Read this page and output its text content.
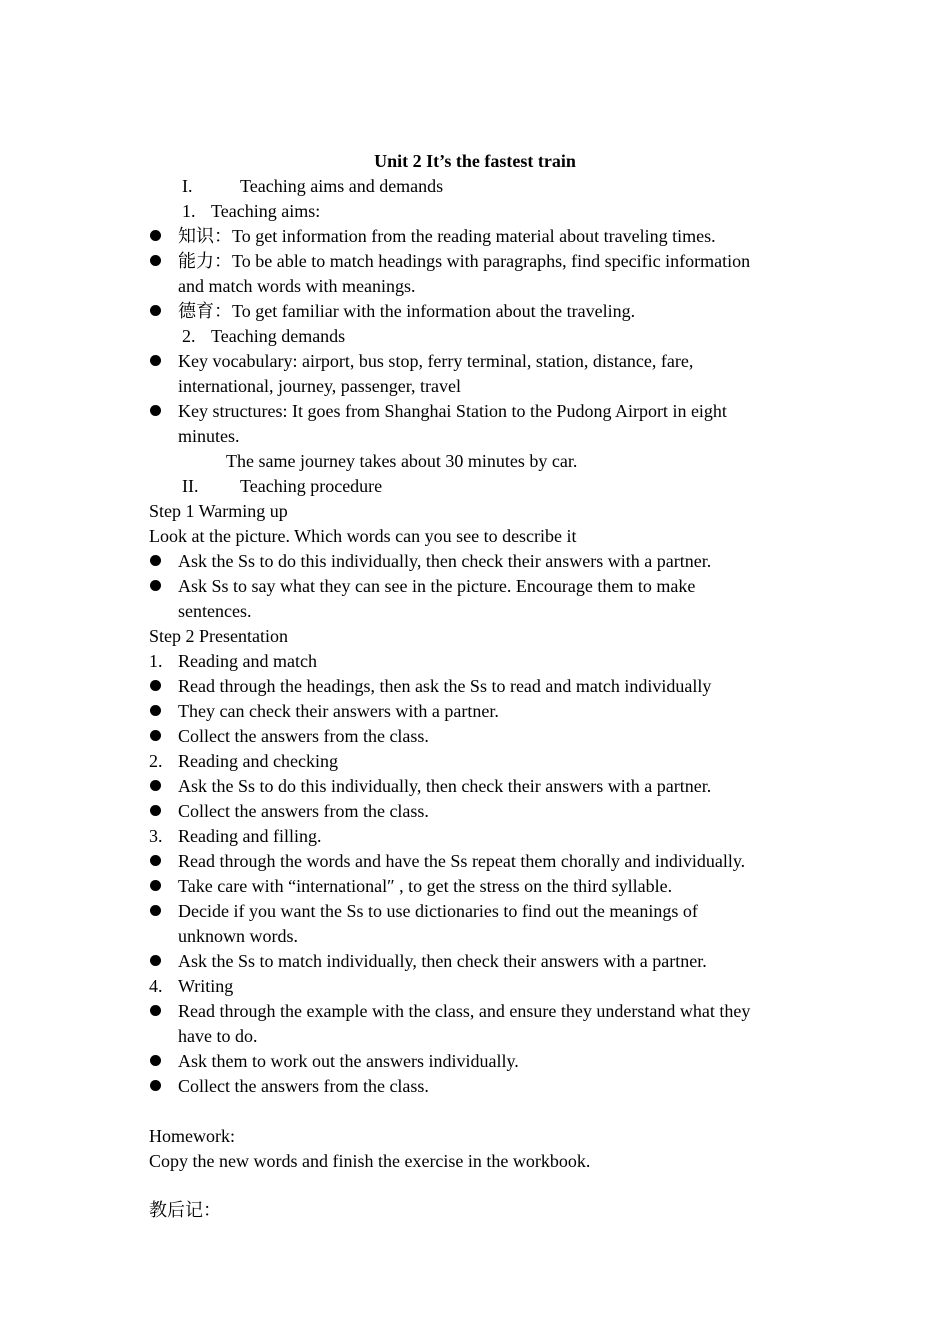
Unit 2 It’s the fastest train
I.	Teaching aims and demands
1. Teaching aims:
知识：To get information from the reading material about traveling times.
能力：To be able to match headings with paragraphs, find specific information
and match words with meanings.
德育：To get familiar with the information about the traveling.
2. Teaching demands
Key vocabulary: airport, bus stop, ferry terminal, station, distance, fare,
international, journey, passenger, travel
Key structures: It goes from Shanghai Station to the Pudong Airport in eight
minutes.
The same journey takes about 30 minutes by car.
II. Teaching procedure
Step 1 Warming up
Look at the picture. Which words can you see to describe it
Ask the Ss to do this individually, then check their answers with a partner.
Ask Ss to say what they can see in the picture. Encourage them to make
sentences.
Step 2 Presentation
1. Reading and match
Read through the headings, then ask the Ss to read and match individually
They can check their answers with a partner.
Collect the answers from the class.
2. Reading and checking
Ask the Ss to do this individually, then check their answers with a partner.
Collect the answers from the class.
3. Reading and filling.
Read through the words and have the Ss repeat them chorally and individually.
Take care with “international″ , to get the stress on the third syllable.
Decide if you want the Ss to use dictionaries to find out the meanings of
unknown words.
Ask the Ss to match individually, then check their answers with a partner.
4. Writing
Read through the example with the class, and ensure they understand what they
have to do.
Ask them to work out the answers individually.
Collect the answers from the class.
Homework:
Copy the new words and finish the exercise in the workbook.
教后记：
